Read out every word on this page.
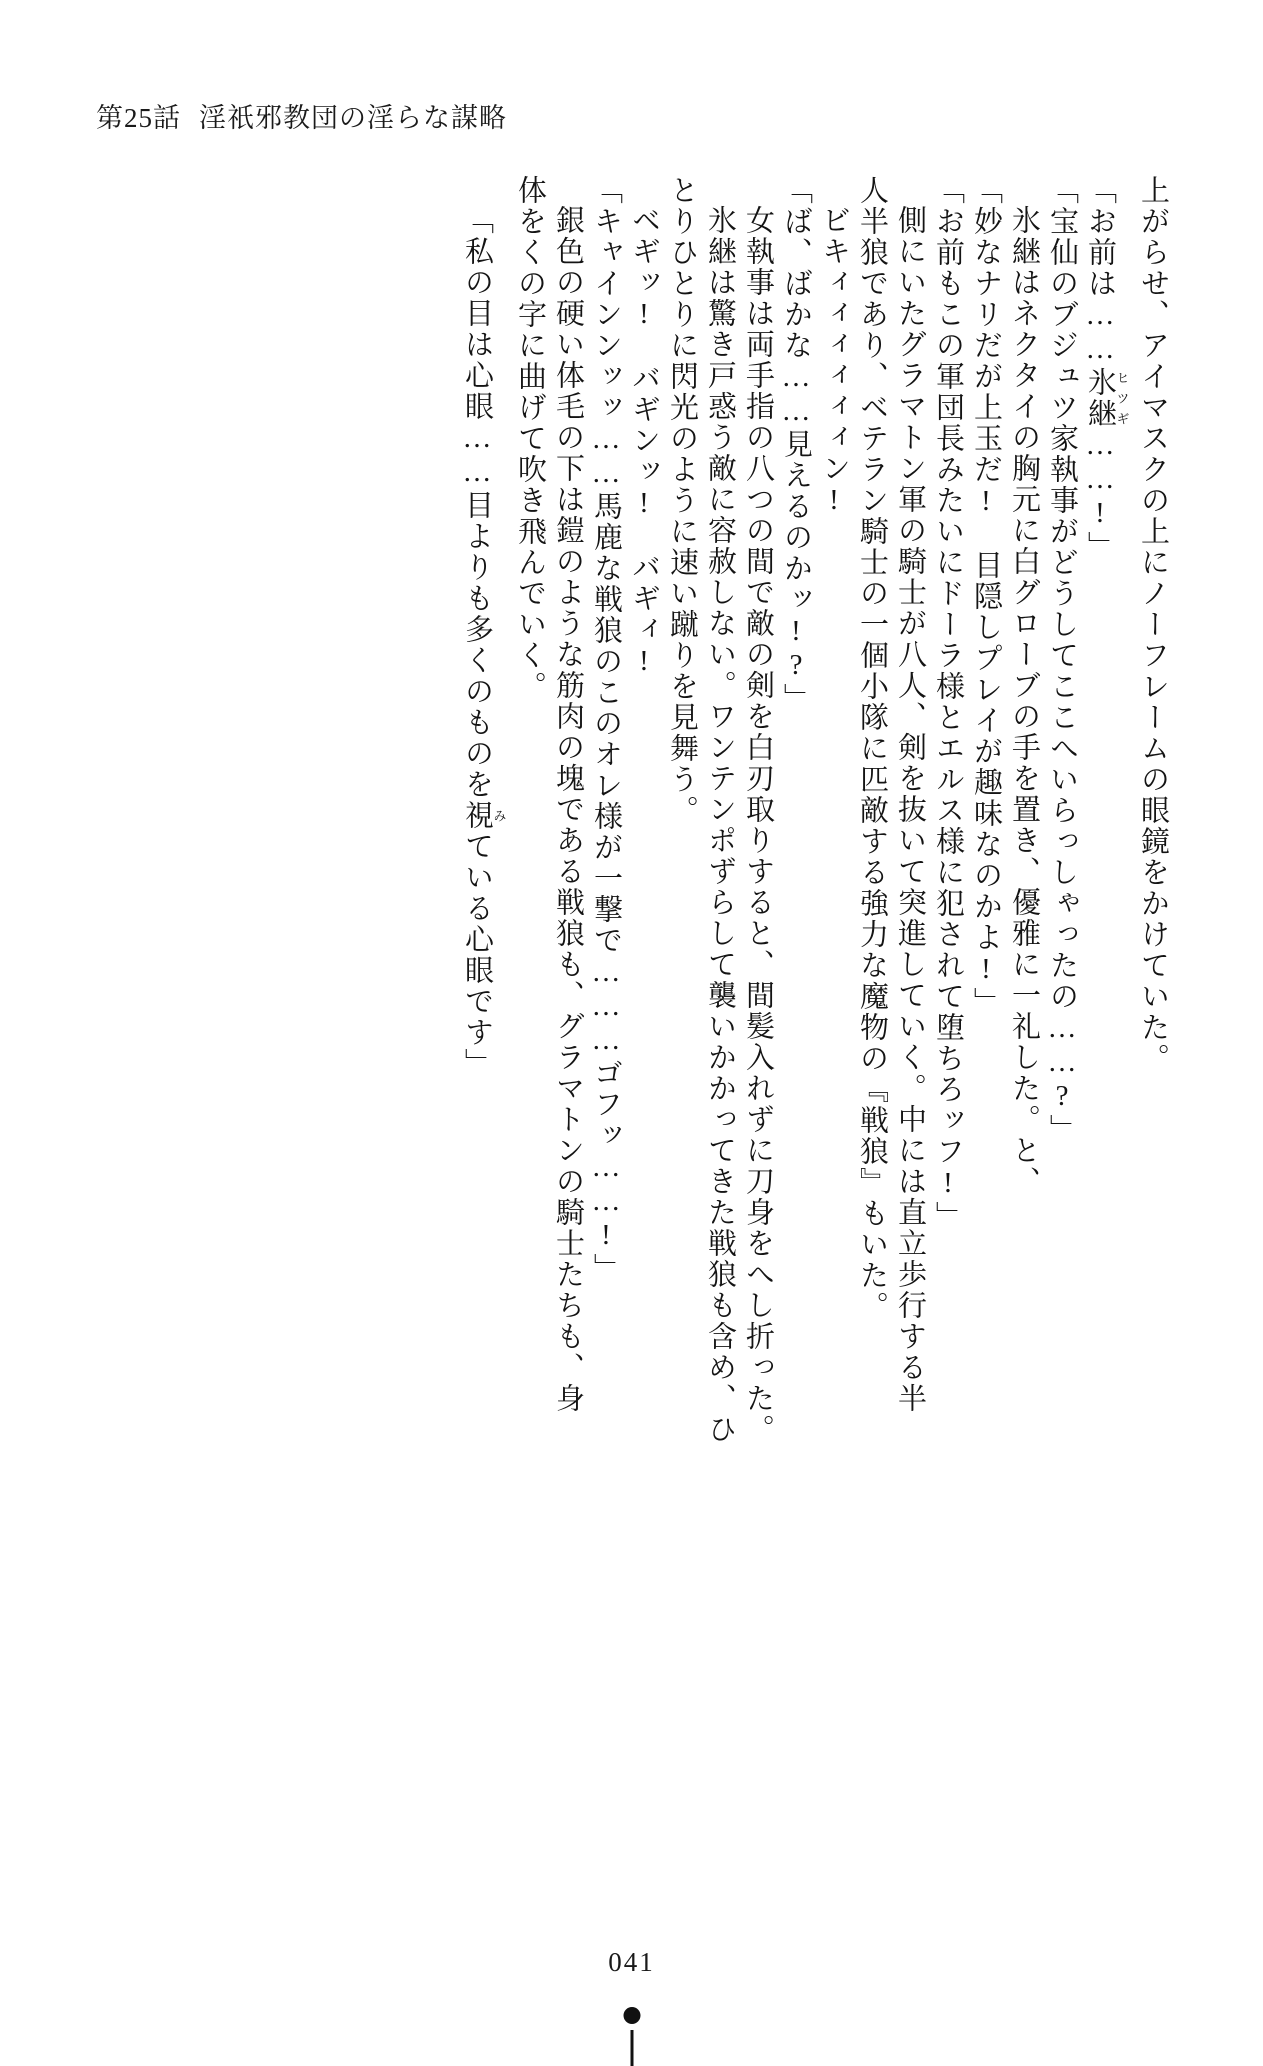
第25話 淫祇邪教団の淫らな謀略
上がらせ、アイマスクの上にノーフレームの眼鏡をかけていた。
「お前は……氷継ヒツギ……!」
「宝仙のブジュツ家執事がどうしてここへいらっしゃったの……?」
氷継はネクタイの胸元に白グローブの手を置き、優雅に一礼した。と、
「妙なナリだが上玉だ!　目隠しプレイが趣味なのかよ!」
「お前もこの軍団長みたいにドーラ様とエルス様に犯されて堕ちろッフ!」
側にいたグラマトン軍の騎士が八人、剣を抜いて突進していく。中には直立歩行する半
人半狼であり、ベテラン騎士の一個小隊に匹敵する強力な魔物の『戦狼』もいた。
ビキィィィィィィン!
「ば、ばかな……見えるのかッ!?」
女執事は両手指の八つの間で敵の剣を白刃取りすると、間髪入れずに刀身をへし折った。
氷継は驚き戸惑う敵に容赦しない。ワンテンポずらして襲いかかってきた戦狼も含め、ひ
とりひとりに閃光のように速い蹴りを見舞う。
ベギッ!　バギンッ!　バギィ!
「キャインンッッ……馬鹿な戦狼のこのオレ様が一撃で………ゴフッ……!」
銀色の硬い体毛の下は鎧のような筋肉の塊である戦狼も、グラマトンの騎士たちも、身
体をくの字に曲げて吹き飛んでいく。
「私の目は心眼……目よりも多くのものを視みている心眼です」
041
